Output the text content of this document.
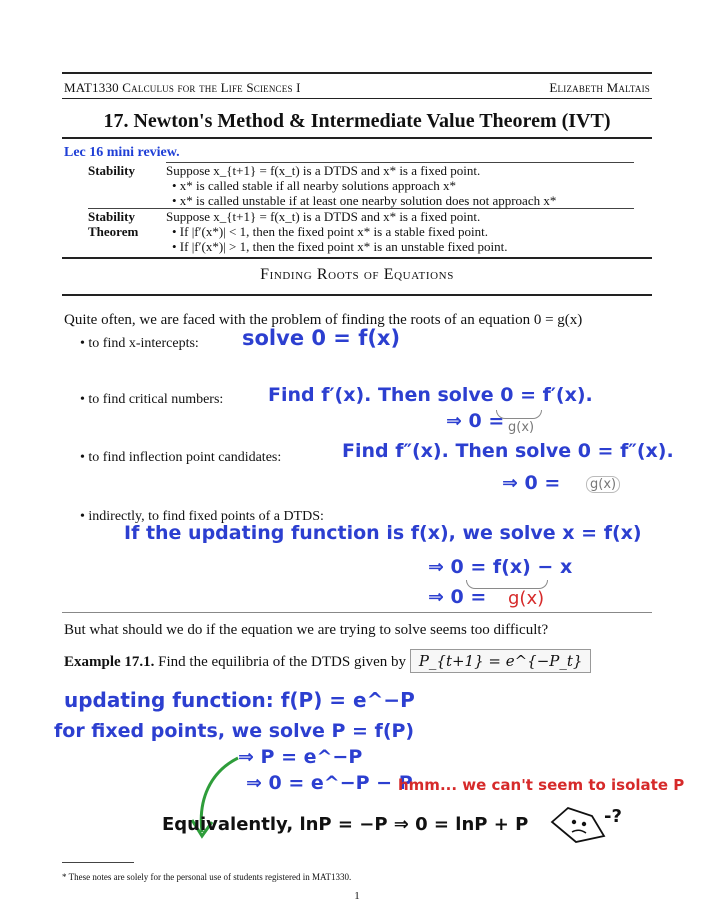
MAT1330 Calculus for the Life Sciences I	Elizabeth Maltais
17. Newton's Method & Intermediate Value Theorem (IVT)
Lec 16 mini review.
Stability Suppose x_{t+1} = f(x_t) is a DTDS and x* is a fixed point.
• x* is called stable if all nearby solutions approach x*
• x* is called unstable if at least one nearby solution does not approach x*
Stability
Theorem
Suppose x_{t+1} = f(x_t) is a DTDS and x* is a fixed point.
• If |f′(x*)| < 1, then the fixed point x* is a stable fixed point.
• If |f′(x*)| > 1, then the fixed point x* is an unstable fixed point.
Finding Roots of Equations
Quite often, we are faced with the problem of finding the roots of an equation 0 = g(x)
• to find x-intercepts: solve 0 = f(x)
• to find critical numbers: Find f′(x). Then solve 0 = f′(x).
⇒ 0 = g(x)
• to find inflection point candidates:	Find f″(x). Then solve 0 = f″(x).
⇒ 0 =	g(x)
• indirectly, to find fixed points of a DTDS:
If the updating function is f(x), we solve x = f(x)
⇒ 0 = f(x) − x
⇒ 0 = g(x)
But what should we do if the equation we are trying to solve seems too difficult?
Example 17.1. Find the equilibria of the DTDS given by P_{t+1} = e^{−P_t}
updating function: f(P) = e^−P
for fixed points, we solve P = f(P)
⇒ P = e^−P
⇒ 0 = e^−P − P
hmm... we can't seem to isolate P
Equivalently, lnP = −P ⇒ 0 = lnP + P	-?
* These notes are solely for the personal use of students registered in MAT1330.
1
